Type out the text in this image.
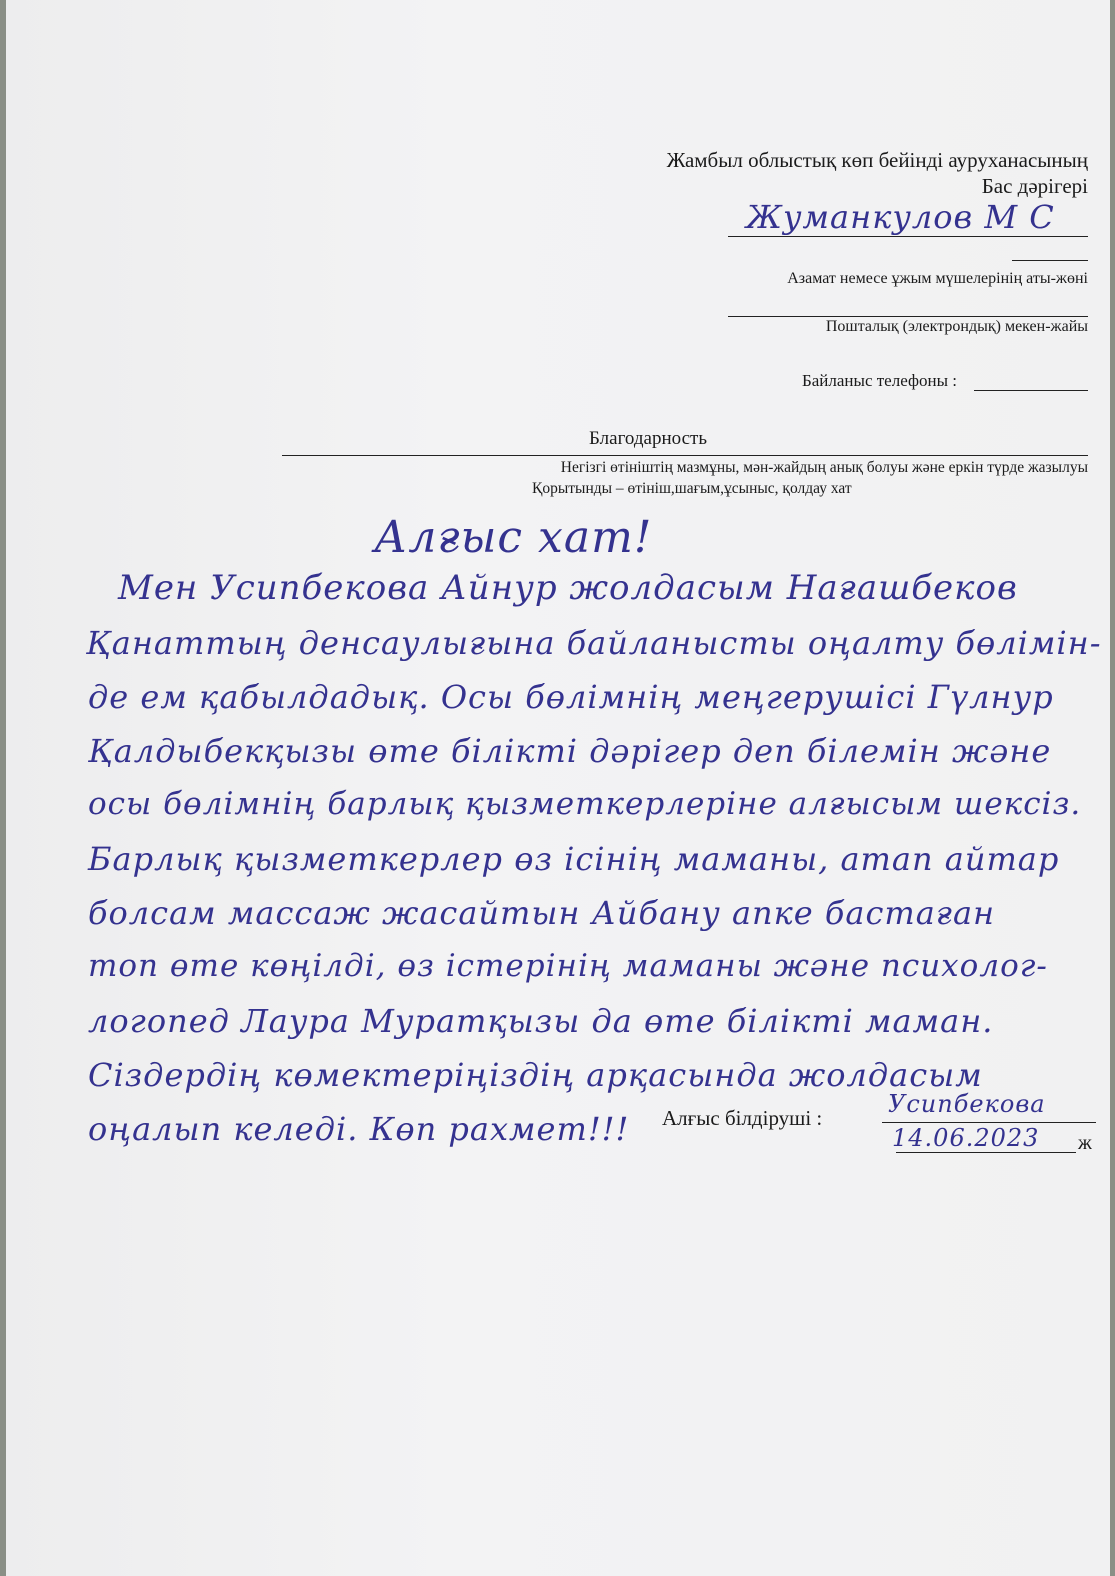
Жамбыл облыстық көп бейінді ауруханасының
Бас дәрігері
Жуманкулов М С
Азамат немесе ұжым мүшелерінің аты-жөні
Пошталық (электрондық) мекен-жайы
Байланыс телефоны :
Благодарность
Негізгі өтініштің мазмұны, мән-жайдың анық болуы және еркін түрде жазылуы
Қорытынды – өтініш,шағым,ұсыныс, қолдау хат
Алғыс хат!
Мен Усипбекова Айнур жолдасым Нағашбеков
Қанаттың денсаулығына байланысты оңалту бөлімін-
де ем қабылдадық. Осы бөлімнің меңгерушісі Гүлнур
Қалдыбекқызы өте білікті дәрігер деп білемін және
осы бөлімнің барлық қызметкерлеріне алғысым шексіз.
Барлық қызметкерлер өз ісінің маманы, атап айтар
болсам массаж жасайтын Айбану апке бастаған
топ өте көңілді, өз істерінің маманы және психолог-
логопед Лаура Муратқызы да өте білікті маман.
Сіздердің көмектеріңіздің арқасында жолдасым
оңалып келеді. Көп рахмет!!! Алғыс білдіруші :	Усипбекова
14.06.2023 ж
